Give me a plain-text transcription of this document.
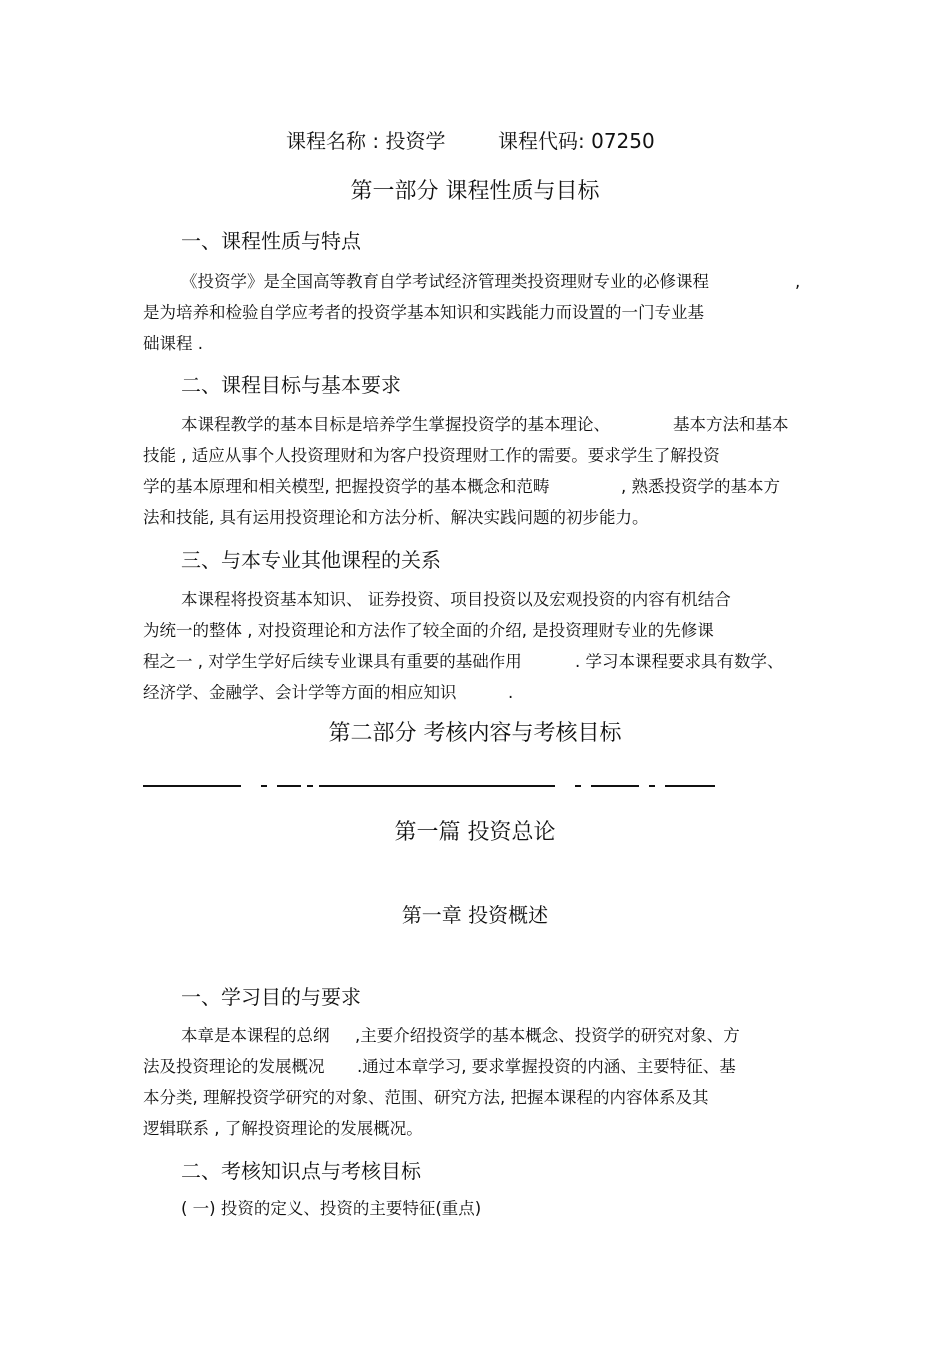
课程名称 : 投资学	课程代码: 07250
第一部分 课程性质与目标
一、课程性质与特点
《投资学》是全国高等教育自学考试经济管理类投资理财专业的必修课程	,
是为培养和检验自学应考者的投资学基本知识和实践能力而设置的一门专业基
础课程 .
二、课程目标与基本要求
本课程教学的基本目标是培养学生掌握投资学的基本理论、	基本方法和基本
技能 , 适应从事个人投资理财和为客户投资理财工作的需要。要求学生了解投资
学的基本原理和相关模型, 把握投资学的基本概念和范畴	, 熟悉投资学的基本方
法和技能, 具有运用投资理论和方法分析、解决实践问题的初步能力。
三、与本专业其他课程的关系
本课程将投资基本知识、 证券投资、项目投资以及宏观投资的内容有机结合
为统一的整体 , 对投资理论和方法作了较全面的介绍, 是投资理财专业的先修课
程之一 , 对学生学好后续专业课具有重要的基础作用	. 学习本课程要求具有数学、
经济学、金融学、会计学等方面的相应知识	.
第二部分 考核内容与考核目标
第一篇 投资总论
第一章 投资概述
一、学习目的与要求
本章是本课程的总纲 ,主要介绍投资学的基本概念、投资学的研究对象、方
法及投资理论的发展概况 .通过本章学习, 要求掌握投资的内涵、主要特征、基
本分类, 理解投资学研究的对象、范围、研究方法, 把握本课程的内容体系及其
逻辑联系 , 了解投资理论的发展概况。
二、考核知识点与考核目标
( 一) 投资的定义、投资的主要特征(重点)
